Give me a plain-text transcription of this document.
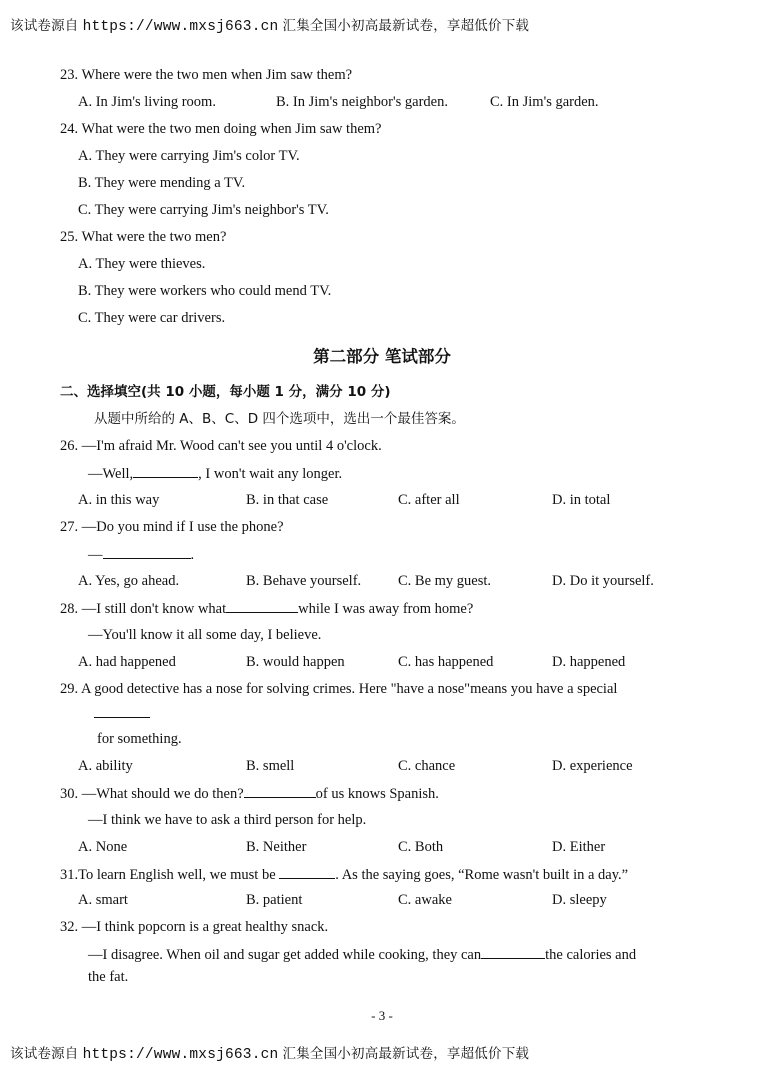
该试卷源自 https://www.mxsj663.cn 汇集全国小初高最新试卷，享超低价下载
23. Where were the two men when Jim saw them?
A. In Jim's living room.	B. In Jim's neighbor's garden.	C. In Jim's garden.
24. What were the two men doing when Jim saw them?
A. They were carrying Jim's color TV.
B. They were mending a TV.
C. They were carrying Jim's neighbor's TV.
25. What were the two men?
A. They were thieves.
B. They were workers who could mend TV.
C. They were car drivers.
第二部分 笔试部分
二、选择填空(共 10 小题，每小题 1 分，满分 10 分)
从题中所给的 A、B、C、D 四个选项中，选出一个最佳答案。
26. —I'm afraid Mr. Wood can't see you until 4 o'clock.
—Well,	, I won't wait any longer.
A. in this way	B. in that case	C. after all	D. in total
27. —Do you mind if I use the phone?
—	.
A. Yes, go ahead.	B. Behave yourself.	C. Be my guest.	D. Do it yourself.
28. —I still don't know what	while I was away from home?
—You'll know it all some day, I believe.
A. had happened	B. would happen	C. has happened	D. happened
29. A good detective has a nose for solving crimes. Here "have a nose"means you have a special
for something.
A. ability	B. smell	C. chance	D. experience
30. —What should we do then?	of us knows Spanish.
—I think we have to ask a third person for help.
A. None	B. Neither	C. Both	D. Either
31.To learn English well, we must be	. As the saying goes, “Rome wasn't built in a day.”
A. smart	B. patient	C. awake	D. sleepy
32. —I think popcorn is a great healthy snack.
—I disagree. When oil and sugar get added while cooking, they can	the calories and
the fat.
- 3 -
该试卷源自 https://www.mxsj663.cn 汇集全国小初高最新试卷，享超低价下载
